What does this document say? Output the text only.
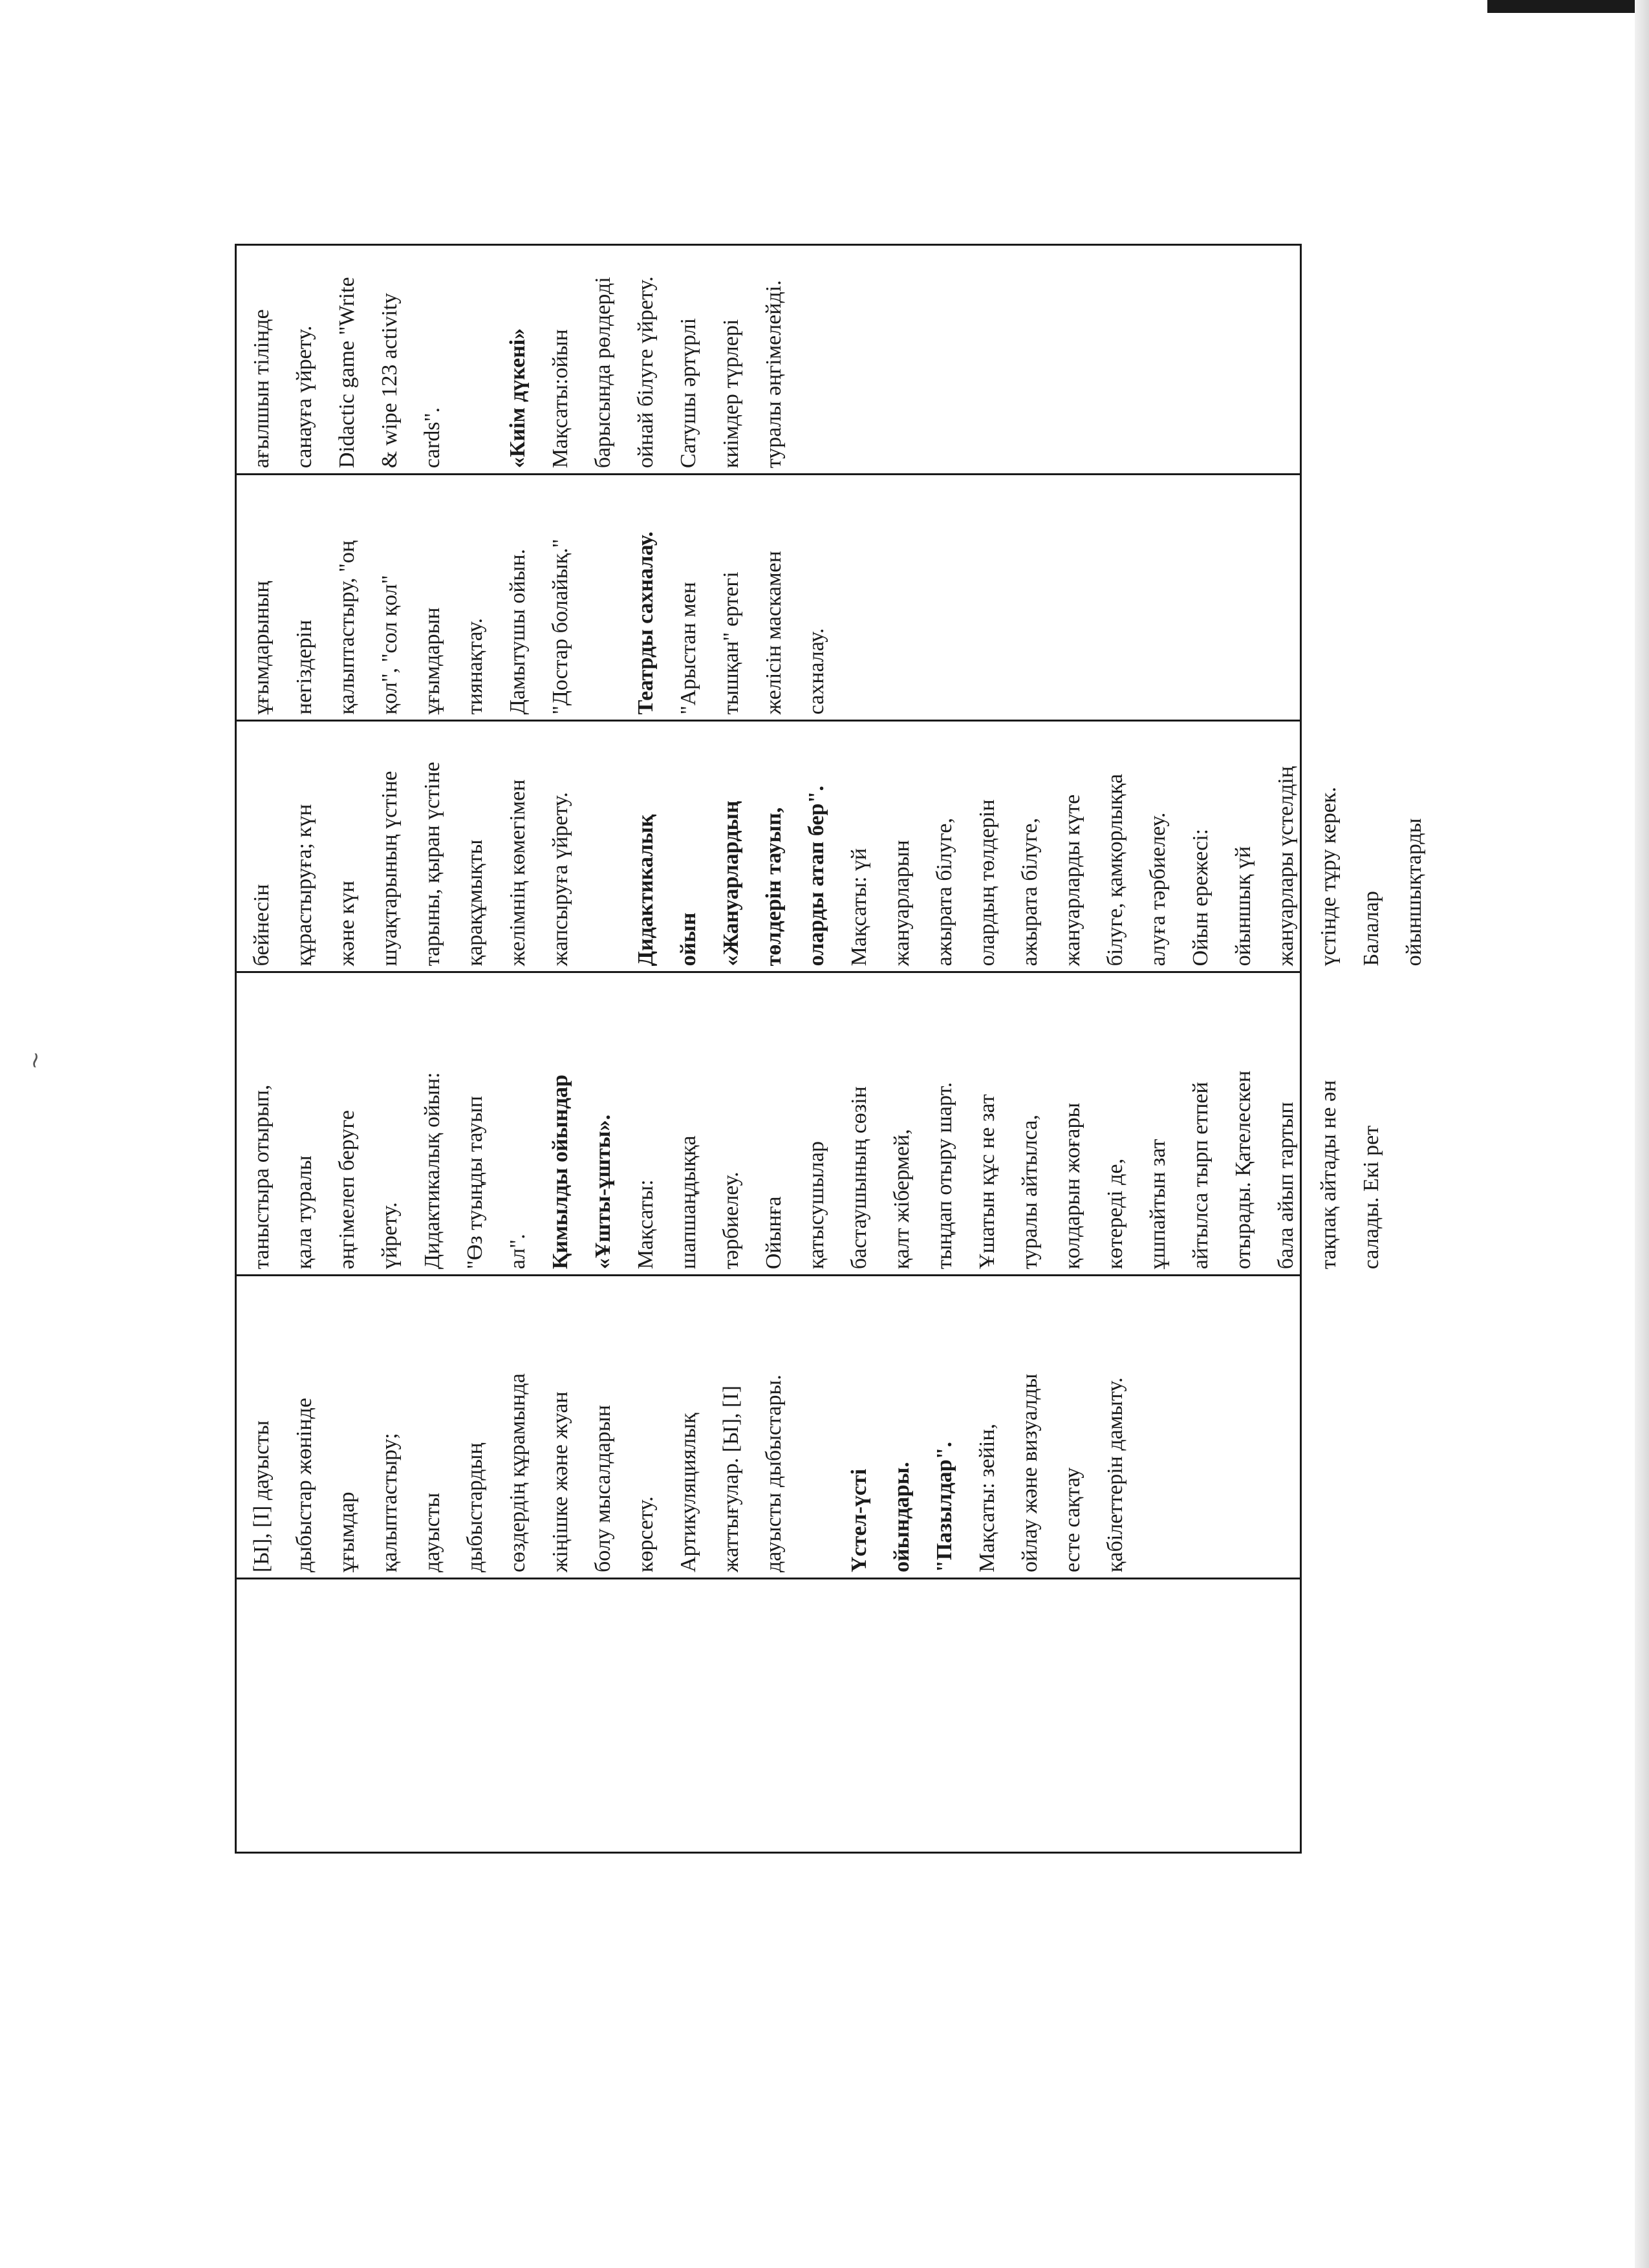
[Ы], [І] дауысты дыбыстар жөнінде ұғымдар қалыптастыру; дауысты дыбыстардың сөздердің құрамында жіңішке және жуан болу мысалдарын көрсету. Артикуляциялық жаттығулар. [Ы], [І] дауысты дыбыстары.
	Үстел-үсті ойындары. "Пазылдар". Мақсаты: зейін, ойлау және визуалды есте сақтау қабілеттерін дамыту.
таныстыра отырып, қала туралы әңгімелеп беруге үйрету. Дидактикалық ойын: "Өз туыңды тауып ал". Қимылды ойындар «Ұшты-ұшты». Мақсаты: шапшаңдыққа тәрбиелеу. Ойынға қатысушылар бастаушының сөзін қалт жібермей, тыңдап отыру шарт. Ұшатын құс не зат туралы айтылса, қолдарын жоғары көтереді де, ұшпайтын зат айтылса тырп етпей отырады. Қателескен бала айып тартып тақпақ айтады не ән салады. Екі рет
бейнесін құрастыруға; күн және күн шуақтарының үстіне тарыны, қыран үстіне қарақұмықты желімнің көмегімен жапсыруға үйрету.
	Дидактикалық ойын «Жануарлардың төлдерін тауып, оларды атап бер". Мақсаты: үй жануарларын ажырата білуге, олардың төлдерін ажырата білуге, жануарларды күте білуге, қамқорлыққа алуға тәрбиелеу. Ойын ережесі: ойыншық үй жануарлары үстелдің үстінде тұру керек. Балалар ойыншықтарды
ұғымдарының негіздерін қалыптастыру, "оң қол", "сол қол" ұғымдарын тиянақтау. Дамытушы ойын. "Достар болайық."
	Театрды сахналау. "Арыстан мен тышқан" ертегі желісін маскамен сахналау.
ағылшын тілінде санауға үйрету. Didactic game "Write & wipe 123 activity cards".
	«Киім дүкені» Мақсаты:ойын барысында рөлдерді ойнай білуге үйрету. Сатушы әртүрлі киімдер түрлері туралы әңгімелейді.
~
